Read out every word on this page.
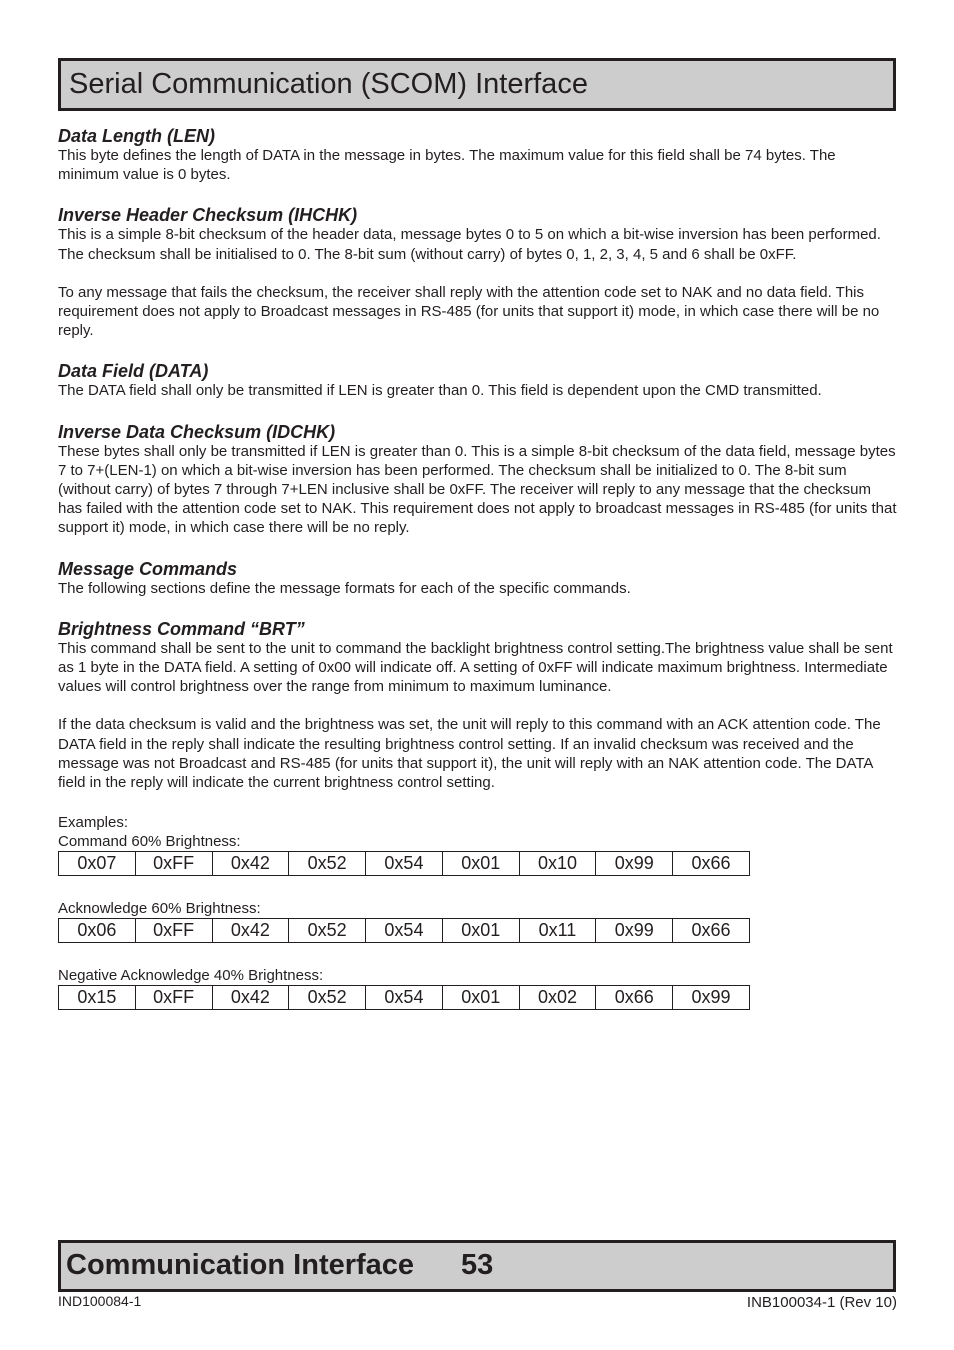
Serial Communication (SCOM) Interface

Data Length (LEN)

This byte defines the length of DATA in the message in bytes. The maximum value for this field shall be 74 bytes. The minimum value is 0 bytes.

Inverse Header Checksum (IHCHK)

This is a simple 8-bit checksum of the header data, message bytes 0 to 5 on which a bit-wise inversion has been performed. The checksum shall be initialised to 0. The 8-bit sum (without carry) of bytes 0, 1, 2, 3, 4, 5 and 6 shall be 0xFF.

To any message that fails the checksum, the receiver shall reply with the attention code set to NAK and no data field. This requirement does not apply to Broadcast messages in RS-485 (for units that support it) mode, in which case there will be no reply.

Data Field (DATA)

The DATA field shall only be transmitted if LEN is greater than 0. This field is dependent upon the CMD transmitted.

Inverse Data Checksum (IDCHK)

These bytes shall only be transmitted if LEN is greater than 0. This is a simple 8-bit checksum of the data field, message bytes 7 to 7+(LEN-1) on which a bit-wise inversion has been performed. The checksum shall be initialized to 0. The 8-bit sum (without carry) of bytes 7 through 7+LEN inclusive shall be 0xFF. The receiver will reply to any message that the checksum has failed with the attention code set to NAK. This requirement does not apply to broadcast messages in RS-485 (for units that support it) mode, in which case there will be no reply.

Message Commands

The following sections define the message formats for each of the specific commands.

Brightness Command “BRT”

This command shall be sent to the unit to command the backlight brightness control setting.The brightness value shall be sent as 1 byte in the DATA field. A setting of 0x00 will indicate off. A setting of 0xFF will indicate maximum brightness. Intermediate values will control brightness over the range from minimum to maximum luminance.

If the data checksum is valid and the brightness was set, the unit will reply to this command with an ACK attention code. The DATA field in the reply shall indicate the resulting brightness control setting. If an invalid checksum was received and the message was not Broadcast and RS-485 (for units that support it), the unit will reply with an NAK attention code. The DATA field in the reply will indicate the current brightness control setting.

Examples:

Command 60% Brightness:

0x07	0xFF	0x42	0x52	0x54	0x01	0x10	0x99	0x66

Acknowledge 60% Brightness:

0x06	0xFF	0x42	0x52	0x54	0x01	0x11	0x99	0x66

Negative Acknowledge 40% Brightness:

0x15	0xFF	0x42	0x52	0x54	0x01	0x02	0x66	0x99
Communication Interface 53
IND100084-1	INB100034-1 (Rev 10)
